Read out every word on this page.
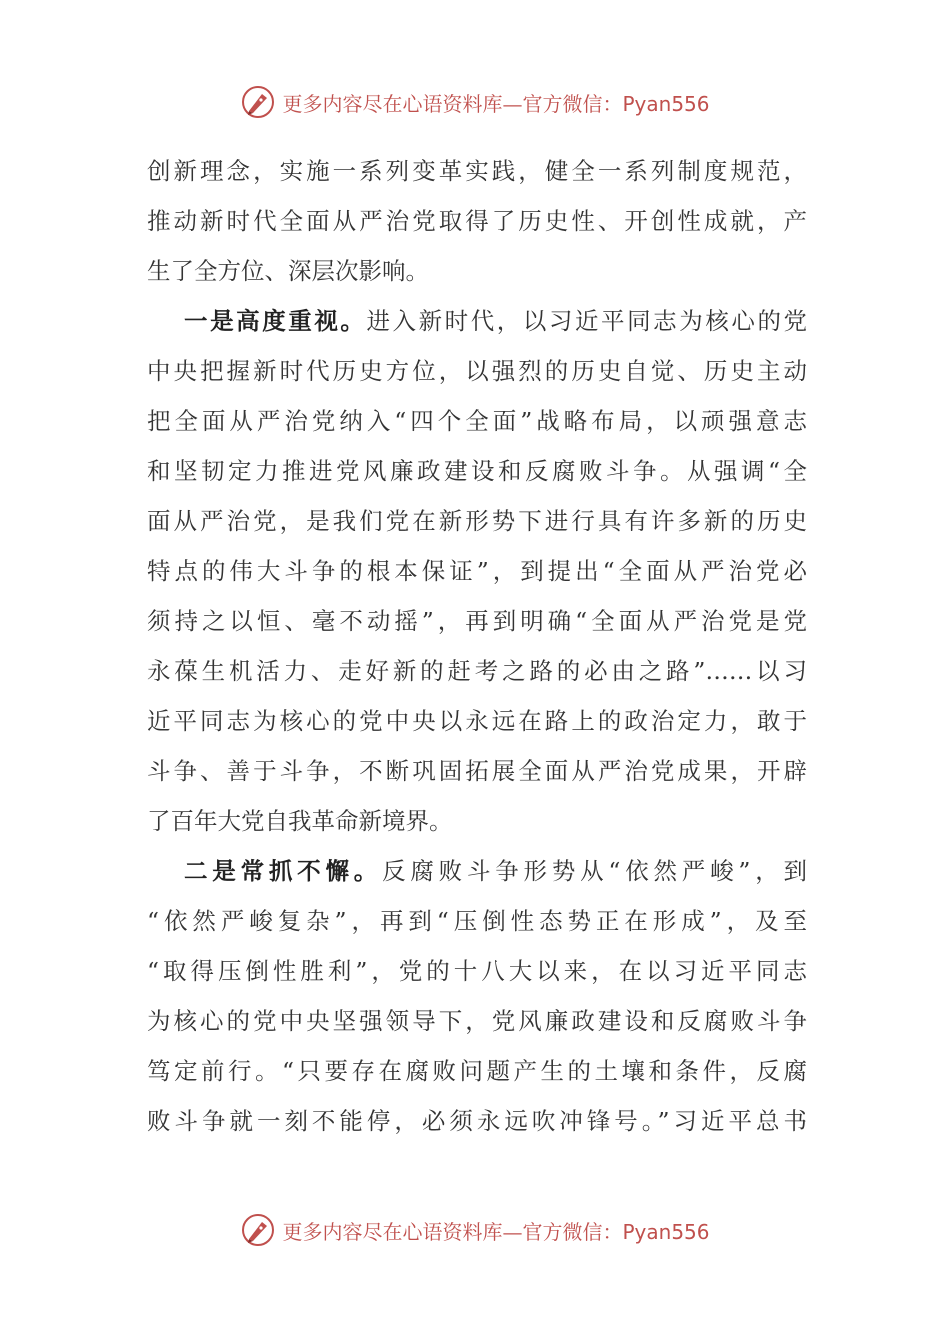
更多内容尽在心语资料库—官方微信：Pyan556
创新理念，实施一系列变革实践，健全一系列制度规范，
推动新时代全面从严治党取得了历史性、开创性成就，产
生了全方位、深层次影响。
一是高度重视。进入新时代，以习近平同志为核心的党
中央把握新时代历史方位，以强烈的历史自觉、历史主动
把全面从严治党纳入“四个全面”战略布局，以顽强意志
和坚韧定力推进党风廉政建设和反腐败斗争。从强调“全
面从严治党，是我们党在新形势下进行具有许多新的历史
特点的伟大斗争的根本保证”，到提出“全面从严治党必
须持之以恒、毫不动摇”，再到明确“全面从严治党是党
永葆生机活力、走好新的赶考之路的必由之路”……以习
近平同志为核心的党中央以永远在路上的政治定力，敢于
斗争、善于斗争，不断巩固拓展全面从严治党成果，开辟
了百年大党自我革命新境界。
二是常抓不懈。反腐败斗争形势从“依然严峻”，到
“依然严峻复杂”，再到“压倒性态势正在形成”，及至
“取得压倒性胜利”，党的十八大以来，在以习近平同志
为核心的党中央坚强领导下，党风廉政建设和反腐败斗争
笃定前行。“只要存在腐败问题产生的土壤和条件，反腐
败斗争就一刻不能停，必须永远吹冲锋号。”习近平总书
更多内容尽在心语资料库—官方微信：Pyan556
